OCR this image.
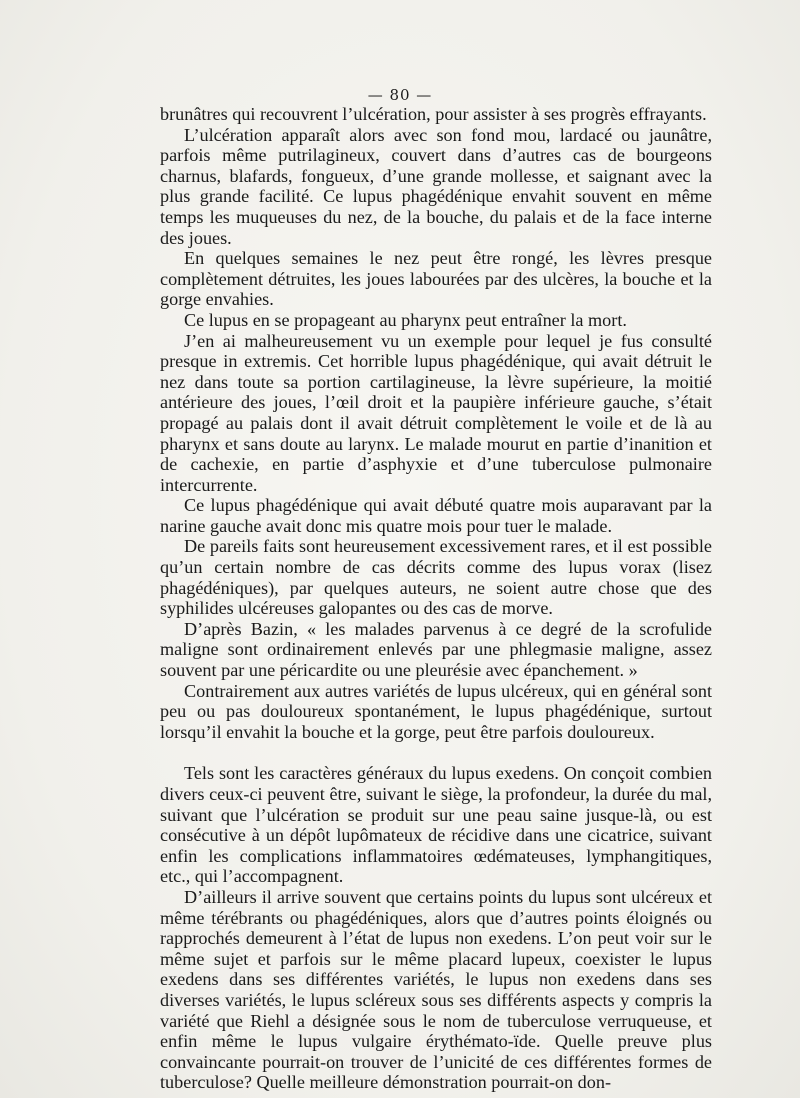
— 80 —

brunâtres qui recouvrent l’ulcération, pour assister à ses progrès effrayants.

L’ulcération apparaît alors avec son fond mou, lardacé ou jaunâtre, parfois même putrilagineux, couvert dans d’autres cas de bourgeons charnus, blafards, fongueux, d’une grande mollesse, et saignant avec la plus grande facilité. Ce lupus phagédénique envahit souvent en même temps les muqueuses du nez, de la bouche, du palais et de la face interne des joues.

En quelques semaines le nez peut être rongé, les lèvres presque complètement détruites, les joues labourées par des ulcères, la bouche et la gorge envahies.

Ce lupus en se propageant au pharynx peut entraîner la mort.

J’en ai malheureusement vu un exemple pour lequel je fus consulté presque in extremis. Cet horrible lupus phagédénique, qui avait détruit le nez dans toute sa portion cartilagineuse, la lèvre supérieure, la moitié antérieure des joues, l’œil droit et la paupière inférieure gauche, s’était propagé au palais dont il avait détruit complètement le voile et de là au pharynx et sans doute au larynx. Le malade mourut en partie d’inanition et de cachexie, en partie d’asphyxie et d’une tuberculose pulmonaire intercurrente.

Ce lupus phagédénique qui avait débuté quatre mois auparavant par la narine gauche avait donc mis quatre mois pour tuer le malade.

De pareils faits sont heureusement excessivement rares, et il est possible qu’un certain nombre de cas décrits comme des lupus vorax (lisez phagédéniques), par quelques auteurs, ne soient autre chose que des syphilides ulcéreuses galopantes ou des cas de morve.

D’après Bazin, « les malades parvenus à ce degré de la scrofulide maligne sont ordinairement enlevés par une phlegmasie maligne, assez souvent par une péricardite ou une pleurésie avec épanchement. »

Contrairement aux autres variétés de lupus ulcéreux, qui en général sont peu ou pas douloureux spontanément, le lupus phagédénique, surtout lorsqu’il envahit la bouche et la gorge, peut être parfois douloureux.

Tels sont les caractères généraux du lupus exedens. On conçoit combien divers ceux-ci peuvent être, suivant le siège, la profondeur, la durée du mal, suivant que l’ulcération se produit sur une peau saine jusque-là, ou est consécutive à un dépôt lupômateux de récidive dans une cicatrice, suivant enfin les complications inflammatoires œdémateuses, lymphangitiques, etc., qui l’accompagnent.

D’ailleurs il arrive souvent que certains points du lupus sont ulcéreux et même térébrants ou phagédéniques, alors que d’autres points éloignés ou rapprochés demeurent à l’état de lupus non exedens. L’on peut voir sur le même sujet et parfois sur le même placard lupeux, coexister le lupus exedens dans ses différentes variétés, le lupus non exedens dans ses diverses variétés, le lupus scléreux sous ses différents aspects y compris la variété que Riehl a désignée sous le nom de tuberculose verruqueuse, et enfin même le lupus vulgaire érythémato-ïde. Quelle preuve plus convaincante pourrait-on trouver de l’unicité de ces différentes formes de tuberculose? Quelle meilleure démonstration pourrait-on don-
